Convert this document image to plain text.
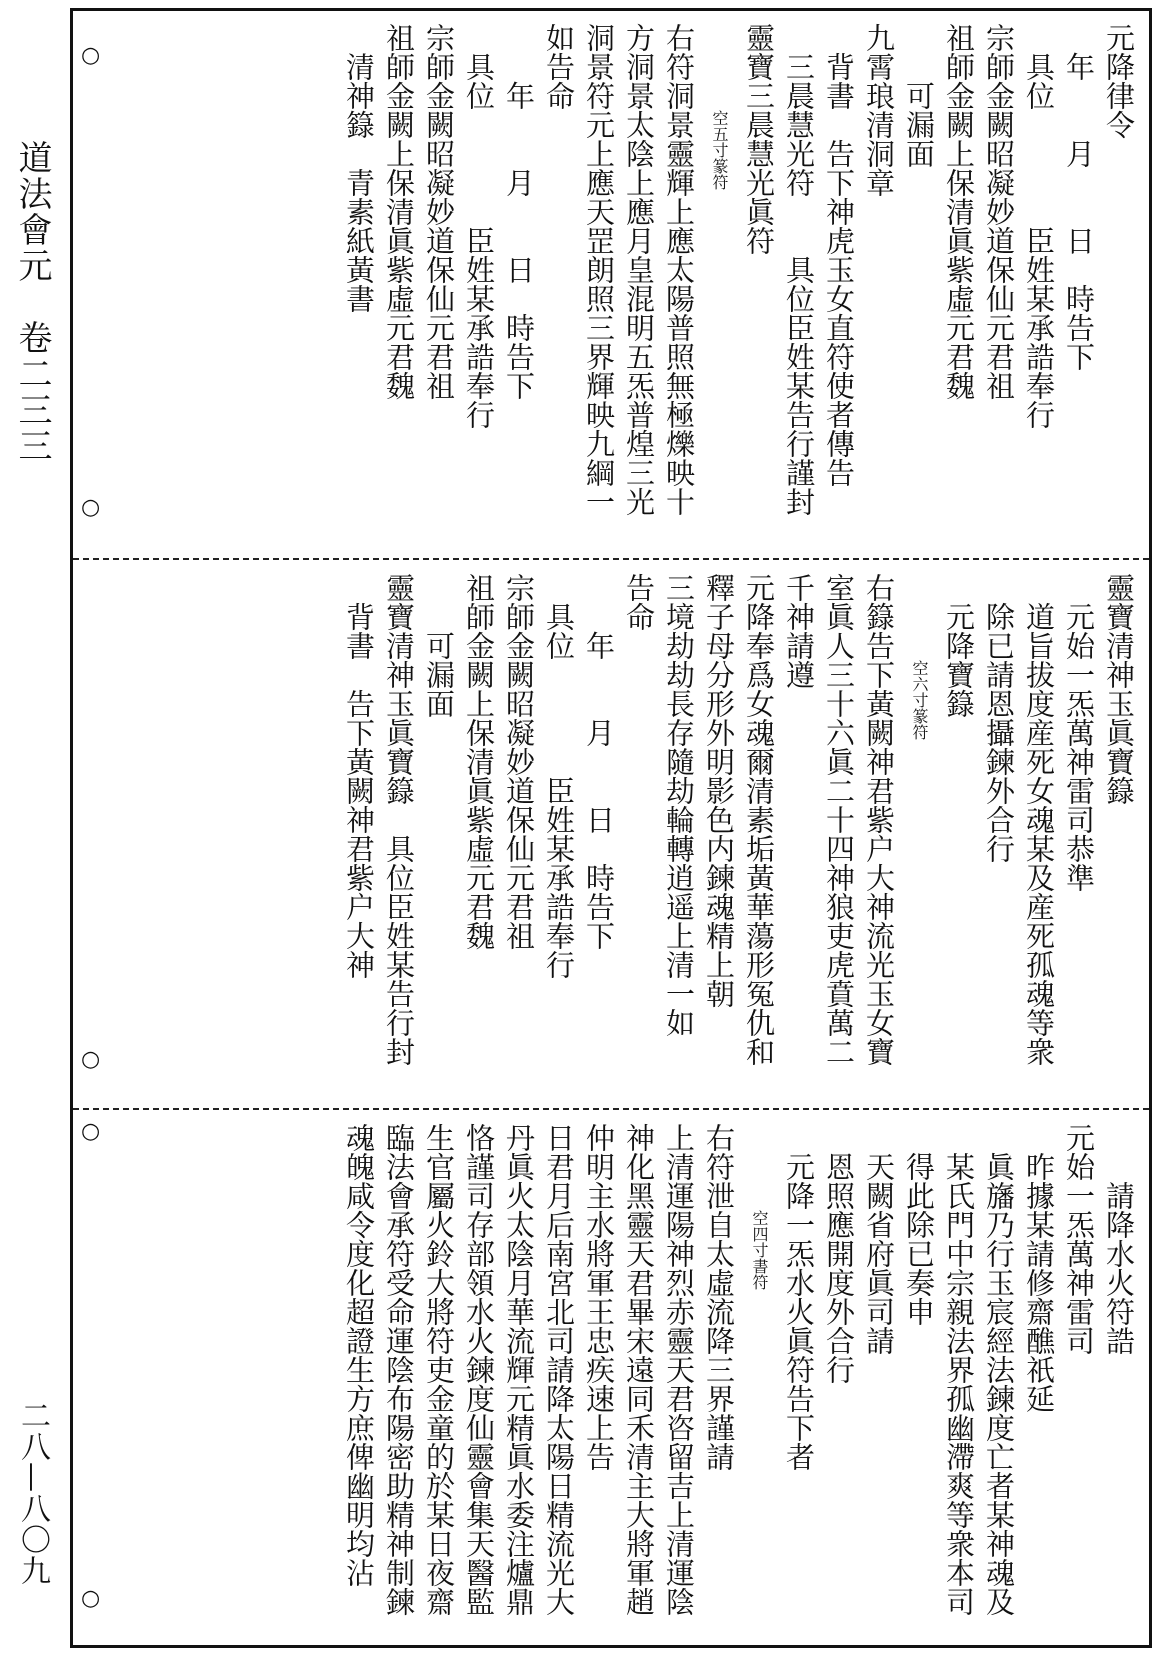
道法會元　卷二三三
二八—八〇九
元降律令
年　　月　　日　時告下
具位　　　　臣姓某承誥奉行
宗師金闕昭凝妙道保仙元君祖
祖師金闕上保清眞紫虛元君魏
可漏面
九霄琅清洞章
背書　告下神虎玉女直符使者傳告
三晨慧光符　　具位臣姓某告行謹封
靈寶三晨慧光眞符
空五寸篆符
右符洞景靈輝上應太陽普照無極爍映十
方洞景太陰上應月皇混明五炁普煌三光
洞景符元上應天罡朗照三界輝映九綱一
如告命
年　　月　　日　時告下
具位　　　　臣姓某承誥奉行
宗師金闕昭凝妙道保仙元君祖
祖師金闕上保清眞紫虛元君魏
清神籙　青素紙黃書
○
○
靈寶清神玉眞寶籙
元始一炁萬神雷司恭準
道旨拔度産死女魂某及産死孤魂等衆
除已請恩攝鍊外合行
元降寶籙
空六寸篆符
右籙告下黃闕神君紫户大神流光玉女寶
室眞人三十六眞二十四神狼吏虎賁萬二
千神請遵
元降奉爲女魂爾清素垢黃華蕩形冤仇和
釋子母分形外明影色内鍊魂精上朝
三境劫劫長存隨劫輪轉逍遥上清一如
告命
年　　月　　日　時告下
具位　　　　臣姓某承誥奉行
宗師金闕昭凝妙道保仙元君祖
祖師金闕上保清眞紫虛元君魏
可漏面
靈寶清神玉眞寶籙　具位臣姓某告行封
背書　告下黃闕神君紫户大神
○
請降水火符誥
元始一炁萬神雷司
昨據某請修齋醮祇延
眞旛乃行玉宸經法鍊度亡者某神魂及
某氏門中宗親法界孤幽滯爽等衆本司
得此除已奏申
天闕省府眞司請
恩照應開度外合行
元降一炁水火眞符告下者
空四寸書符
右符泄自太虛流降三界謹請
上清運陽神烈赤靈天君咨留吉上清運陰
神化黑靈天君畢宋遠同禾清主大將軍趙
仲明主水將軍王忠疾速上告
日君月后南宮北司請降太陽日精流光大
丹眞火太陰月華流輝元精眞水委注爐鼎
恪謹司存部領水火鍊度仙靈會集天醫監
生官屬火鈴大將符吏金童的於某日夜齋
臨法會承符受命運陰布陽密助精神制鍊
魂魄咸令度化超證生方庶俾幽明均沾
○
○
